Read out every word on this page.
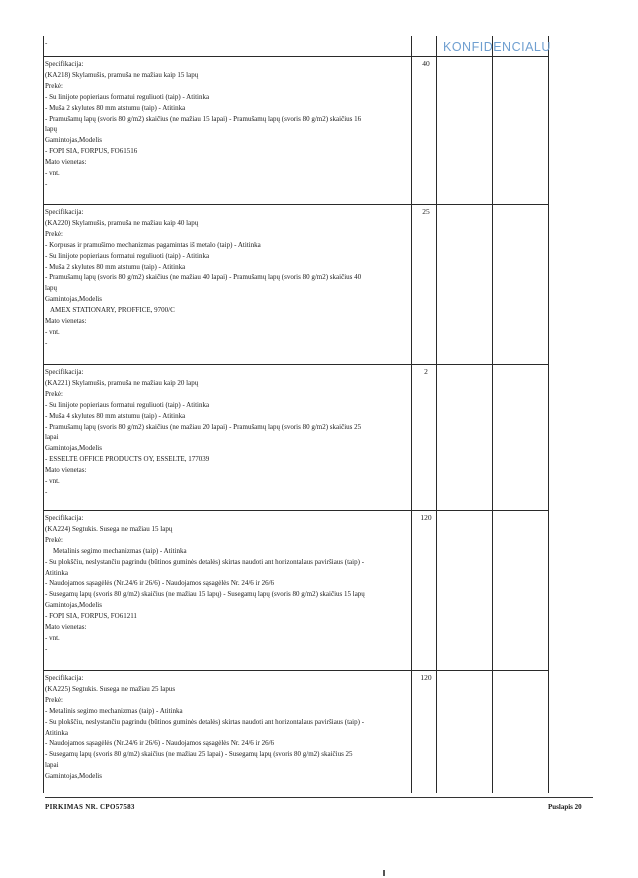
KONFIDENCIALU
-
Specifikacija:
(KA218) Skylamušis, pramuša ne mažiau kaip 15 lapų
Prekė:
- Su linijote popieriaus formatui reguliuoti (taip) - Atitinka
- Muša 2 skylutes 80 mm atstumu (taip) - Atitinka
- Pramušamų lapų (svoris 80 g/m2) skaičius (ne mažiau 15 lapai) - Pramušamų lapų (svoris 80 g/m2) skaičius 16
lapų
Gamintojas,Modelis
- FOPI SIA, FORPUS, FO61516
Mato vienetas:
- vnt.
-
40
Specifikacija:
(KA220) Skylamušis, pramuša ne mažiau kaip 40 lapų
Prekė:
- Korpusas ir pramušimo mechanizmas pagamintas iš metalo (taip) - Atitinka
- Su linijote popieriaus formatui reguliuoti (taip) - Atitinka
- Muša 2 skylutes 80 mm atstumu (taip) - Atitinka
- Pramušamų lapų (svoris 80 g/m2) skaičius (ne mažiau 40 lapai) - Pramušamų lapų (svoris 80 g/m2) skaičius 40
lapų
Gamintojas,Modelis
AMEX STATIONARY, PROFFICE, 9700/C
Mato vienetas:
- vnt.
-
25
Specifikacija:
(KA221) Skylamušis, pramuša ne mažiau kaip 20 lapų
Prekė:
- Su linijote popieriaus formatui reguliuoti (taip) - Atitinka
- Muša 4 skylutes 80 mm atstumu (taip) - Atitinka
- Pramušamų lapų (svoris 80 g/m2) skaičius (ne mažiau 20 lapai) - Pramušamų lapų (svoris 80 g/m2) skaičius 25
lapai
Gamintojas,Modelis
- ESSELTE OFFICE PRODUCTS OY, ESSELTE, 177039
Mato vienetas:
- vnt.
-
2
Specifikacija:
(KA224) Segtukis. Susega ne mažiau 15 lapų
Prekė:
Metalinis segimo mechanizmas (taip) - Atitinka
- Su plokščiu, neslystančiu pagrindu (būtinos guminės detalės) skirtas naudoti ant horizontalaus paviršiaus (taip) -
Atitinka
- Naudojamos sąsagėlės (Nr.24/6 ir 26/6) - Naudojamos sąsagėlės Nr. 24/6 ir 26/6
- Susegamų lapų (svoris 80 g/m2) skaičius (ne mažiau 15 lapų) - Susegamų lapų (svoris 80 g/m2) skaičius 15 lapų
Gamintojas,Modelis
- FOPI SIA, FORPUS, FO61211
Mato vienetas:
- vnt.
-
120
Specifikacija:
(KA225) Segtukis. Susega ne mažiau 25 lapus
Prekė:
- Metalinis segimo mechanizmas (taip) - Atitinka
- Su plokščiu, neslystančiu pagrindu (būtinos guminės detalės) skirtas naudoti ant horizontalaus paviršiaus (taip) -
Atitinka
- Naudojamos sąsagėlės (Nr.24/6 ir 26/6) - Naudojamos sąsagėlės Nr. 24/6 ir 26/6
- Susegamų lapų (svoris 80 g/m2) skaičius (ne mažiau 25 lapai) - Susegamų lapų (svoris 80 g/m2) skaičius 25
lapai
Gamintojas,Modelis
120
PIRKIMAS NR. CPO57583	Puslapis 20
